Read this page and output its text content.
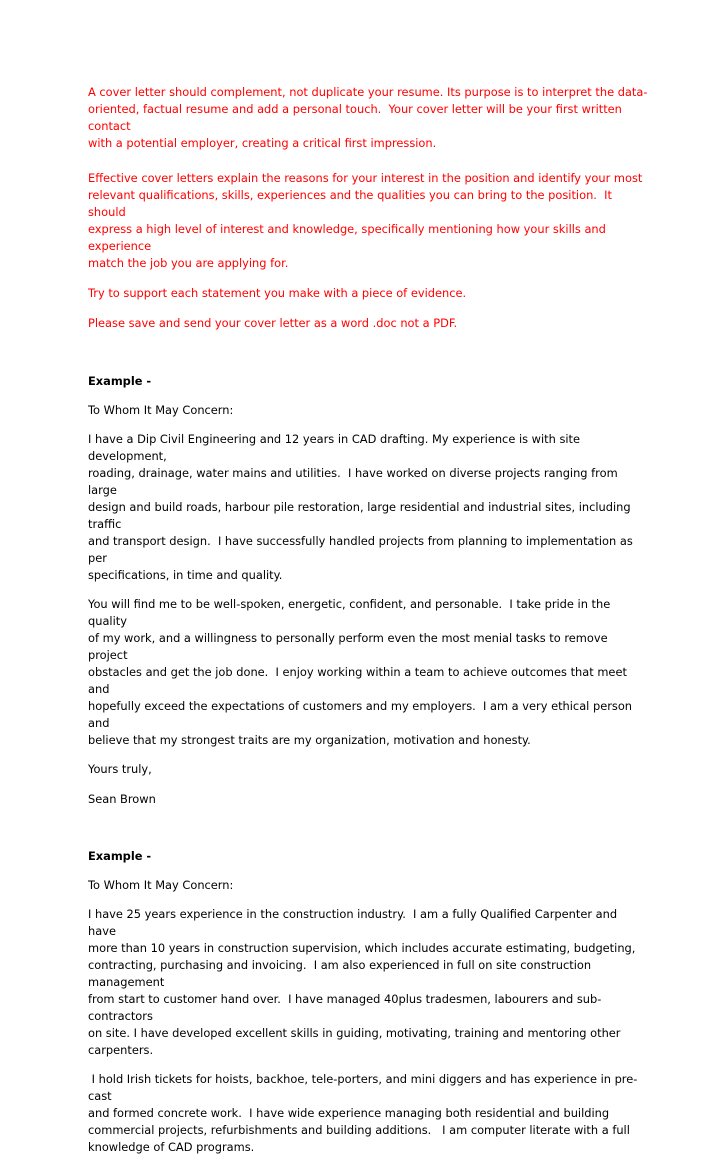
A cover letter should complement, not duplicate your resume. Its purpose is to interpret the data-
oriented, factual resume and add a personal touch.  Your cover letter will be your first written contact
with a potential employer, creating a critical first impression.

Effective cover letters explain the reasons for your interest in the position and identify your most
relevant qualifications, skills, experiences and the qualities you can bring to the position.  It should
express a high level of interest and knowledge, specifically mentioning how your skills and experience
match the job you are applying for.

Try to support each statement you make with a piece of evidence.

Please save and send your cover letter as a word .doc not a PDF.

Example -

To Whom It May Concern:

I have a Dip Civil Engineering and 12 years in CAD drafting. My experience is with site development,
roading, drainage, water mains and utilities.  I have worked on diverse projects ranging from large
design and build roads, harbour pile restoration, large residential and industrial sites, including traffic
and transport design.  I have successfully handled projects from planning to implementation as per
specifications, in time and quality.

You will find me to be well-spoken, energetic, confident, and personable.  I take pride in the quality
of my work, and a willingness to personally perform even the most menial tasks to remove project
obstacles and get the job done.  I enjoy working within a team to achieve outcomes that meet and
hopefully exceed the expectations of customers and my employers.  I am a very ethical person and
believe that my strongest traits are my organization, motivation and honesty.

Yours truly,

Sean Brown

Example -

To Whom It May Concern:

I have 25 years experience in the construction industry.  I am a fully Qualified Carpenter and have
more than 10 years in construction supervision, which includes accurate estimating, budgeting,
contracting, purchasing and invoicing.  I am also experienced in full on site construction management
from start to customer hand over.  I have managed 40plus tradesmen, labourers and sub-contractors
on site. I have developed excellent skills in guiding, motivating, training and mentoring other
carpenters.

I hold Irish tickets for hoists, backhoe, tele-porters, and mini diggers and has experience in pre-cast
and formed concrete work.  I have wide experience managing both residential and building
commercial projects, refurbishments and building additions.   I am computer literate with a full
knowledge of CAD programs.
